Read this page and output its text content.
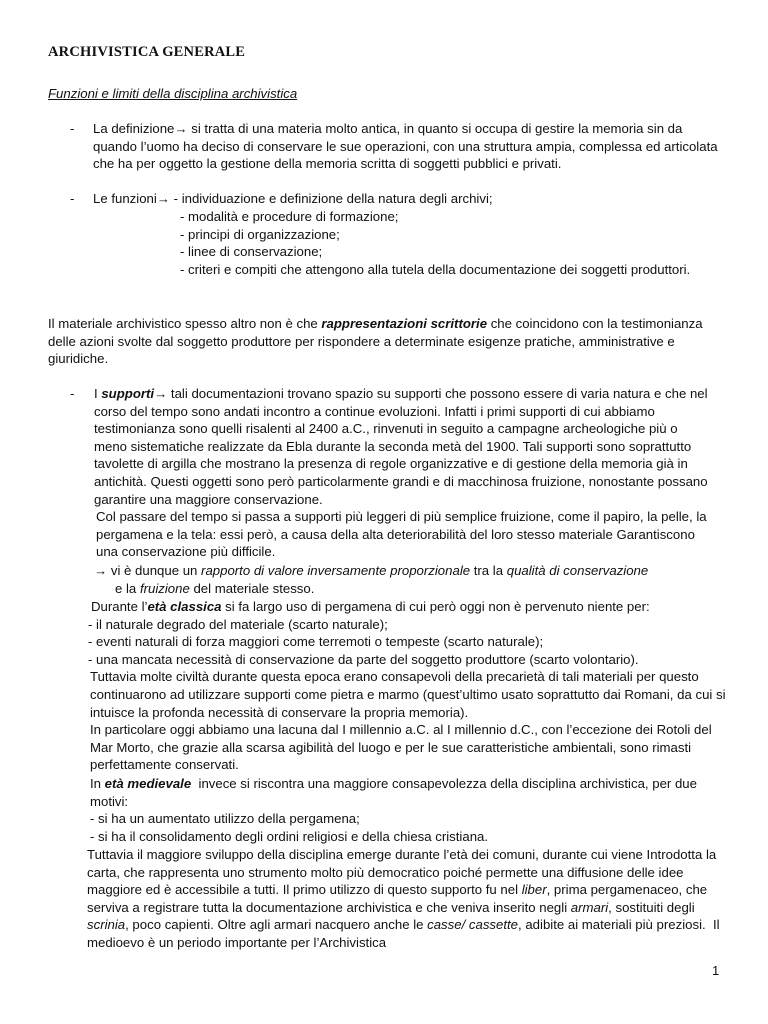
ARCHIVISTICA GENERALE

Funzioni e limiti della disciplina archivistica

- La definizione→ si tratta di una materia molto antica, in quanto si occupa di gestire la memoria sin da quando l’uomo ha deciso di conservare le sue operazioni, con una struttura ampia, complessa ed articolata che ha per oggetto la gestione della memoria scritta di soggetti pubblici e privati.

- Le funzioni→ - individuazione e definizione della natura degli archivi;

- modalità e procedure di formazione;
- principi di organizzazione;
- linee di conservazione;
- criteri e compiti che attengono alla tutela della documentazione dei soggetti produttori.

Il materiale archivistico spesso altro non è che rappresentazioni scrittorie che coincidono con la testimonianza delle azioni svolte dal soggetto produttore per rispondere a determinate esigenze pratiche, amministrative e giuridiche.

- I supporti→ tali documentazioni trovano spazio su supporti che possono essere di varia natura e che nel corso del tempo sono andati incontro a continue evoluzioni. Infatti i primi supporti di cui abbiamo testimonianza sono quelli risalenti al 2400 a.C., rinvenuti in seguito a campagne archeologiche più o meno sistematiche realizzate da Ebla durante la seconda metà del 1900. Tali supporti sono soprattutto tavolette di argilla che mostrano la presenza di regole organizzative e di gestione della memoria già in antichità. Questi oggetti sono però particolarmente grandi e di macchinosa fruizione, nonostante possano garantire una maggiore conservazione.

Col passare del tempo si passa a supporti più leggeri di più semplice fruizione, come il papiro, la pelle, la pergamena e la tela: essi però, a causa della alta deteriorabilità del loro stesso materiale Garantiscono una conservazione più difficile.

→ vi è dunque un rapporto di valore inversamente proporzionale tra la qualità di conservazione

e la fruizione del materiale stesso.

Durante l’età classica si fa largo uso di pergamena di cui però oggi non è pervenuto niente per:
- il naturale degrado del materiale (scarto naturale);
- eventi naturali di forza maggiori come terremoti o tempeste (scarto naturale);
- una mancata necessità di conservazione da parte del soggetto produttore (scarto volontario).
Tuttavia molte civiltà durante questa epoca erano consapevoli della precarietà di tali materiali per questo continuarono ad utilizzare supporti come pietra e marmo (quest’ultimo usato soprattutto dai Romani, da cui si intuisce la profonda necessità di conservare la propria memoria).
In particolare oggi abbiamo una lacuna dal I millennio a.C. al I millennio d.C., con l’eccezione dei Rotoli del Mar Morto, che grazie alla scarsa agibilità del luogo e per le sue caratteristiche ambientali, sono rimasti perfettamente conservati.
In età medievale  invece si riscontra una maggiore consapevolezza della disciplina archivistica, per due motivi:
- si ha un aumentato utilizzo della pergamena;
- si ha il consolidamento degli ordini religiosi e della chiesa cristiana.

Tuttavia il maggiore sviluppo della disciplina emerge durante l’età dei comuni, durante cui viene Introdotta la carta, che rappresenta uno strumento molto più democratico poiché permette una diffusione delle idee maggiore ed è accessibile a tutti. Il primo utilizzo di questo supporto fu nel liber, prima pergamenaceo, che serviva a registrare tutta la documentazione archivistica e che veniva inserito negli armari, sostituiti degli scrinia, poco capienti. Oltre agli armari nacquero anche le casse/ cassette, adibite ai materiali più preziosi.  Il medioevo è un periodo importante per l’Archivistica

1
